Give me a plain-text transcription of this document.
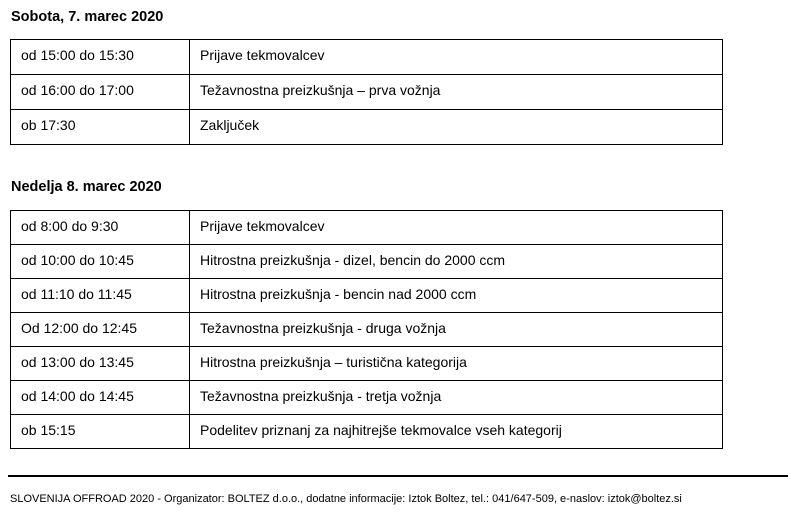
Sobota, 7. marec 2020
od 15:00 do 15:30	Prijave tekmovalcev

od 16:00 do 17:00	Težavnostna preizkušnja – prva vožnja

ob 17:30	Zaključek
Nedelja 8. marec 2020
od 8:00 do 9:30	Prijave tekmovalcev

od 10:00 do 10:45	Hitrostna preizkušnja - dizel, bencin do 2000 ccm

od 11:10 do 11:45	Hitrostna preizkušnja - bencin nad 2000 ccm

Od 12:00 do 12:45	Težavnostna preizkušnja - druga vožnja

od 13:00 do 13:45	Hitrostna preizkušnja – turistična kategorija

od 14:00 do 14:45	Težavnostna preizkušnja - tretja vožnja

ob 15:15	Podelitev priznanj za najhitrejše tekmovalce vseh kategorij
SLOVENIJA OFFROAD 2020 - Organizator: BOLTEZ d.o.o., dodatne informacije: Iztok Boltez, tel.: 041/647-509, e-naslov: iztok@boltez.si
